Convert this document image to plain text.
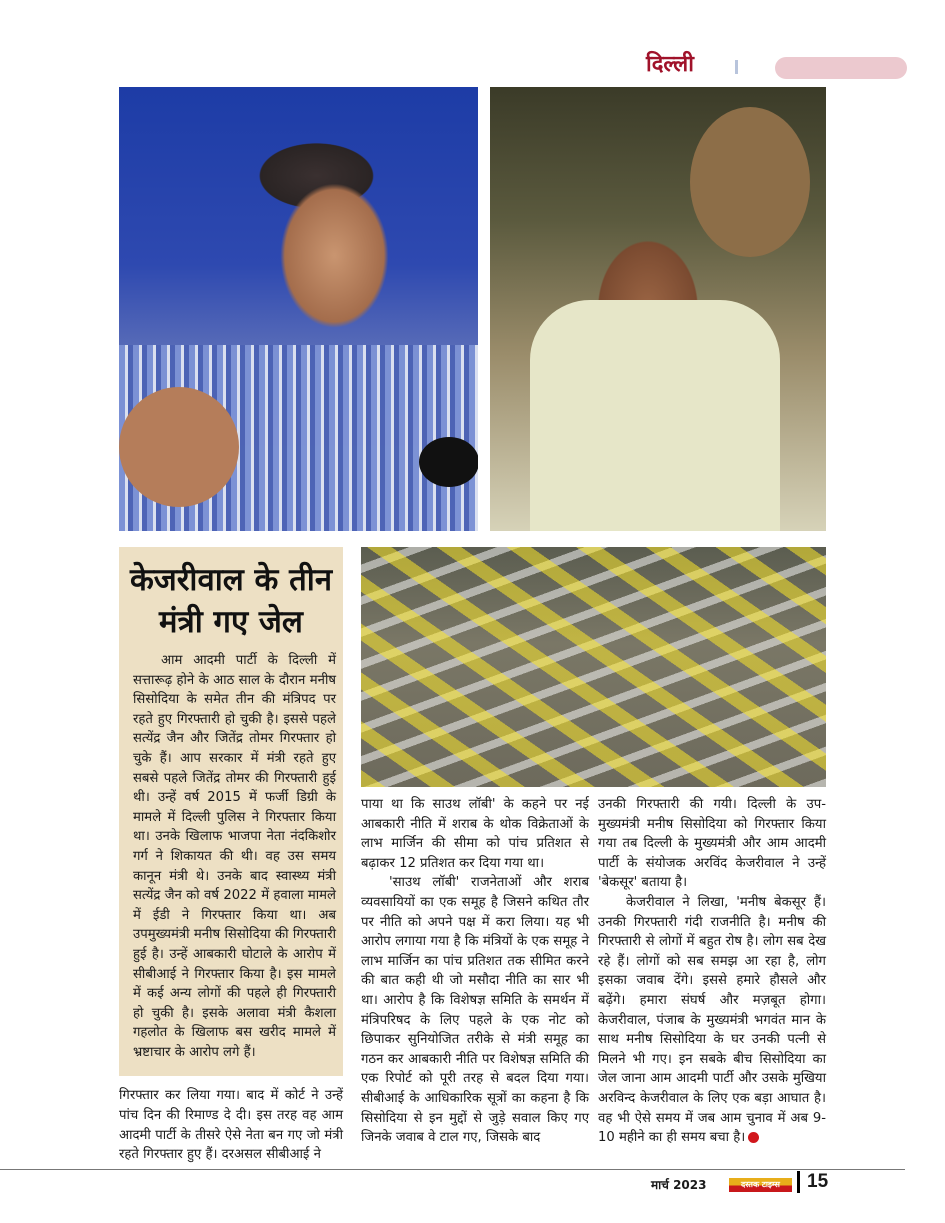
दिल्ली
केजरीवाल के तीन मंत्री गए जेल

आम आदमी पार्टी के दिल्ली में सत्तारूढ़ होने के आठ साल के दौरान मनीष सिसोदिया के समेत तीन की मंत्रिपद पर रहते हुए गिरफ्तारी हो चुकी है। इससे पहले सत्येंद्र जैन और जितेंद्र तोमर गिरफ्तार हो चुके हैं। आप सरकार में मंत्री रहते हुए सबसे पहले जितेंद्र तोमर की गिरफ्तारी हुई थी। उन्हें वर्ष 2015 में फर्जी डिग्री के मामले में दिल्ली पुलिस ने गिरफ्तार किया था। उनके खिलाफ भाजपा नेता नंदकिशोर गर्ग ने शिकायत की थी। वह उस समय कानून मंत्री थे। उनके बाद स्वास्थ्य मंत्री सत्येंद्र जैन को वर्ष 2022 में हवाला मामले में ईडी ने गिरफ्तार किया था। अब उपमुख्यमंत्री मनीष सिसोदिया की गिरफ्तारी हुई है। उन्हें आबकारी घोटाले के आरोप में सीबीआई ने गिरफ्तार किया है। इस मामले में कई अन्य लोगों की पहले ही गिरफ्तारी हो चुकी है। इसके अलावा मंत्री कैशला गहलोत के खिलाफ बस खरीद मामले में भ्रष्टाचार के आरोप लगे हैं।

गिरफ्तार कर लिया गया। बाद में कोर्ट ने उन्हें पांच दिन की रिमाण्ड दे दी। इस तरह वह आम आदमी पार्टी के तीसरे ऐसे नेता बन गए जो मंत्री रहते गिरफ्तार हुए हैं। दरअसल सीबीआई ने

पाया था कि साउथ लॉबी' के कहने पर नई आबकारी नीति में शराब के थोक विक्रेताओं के लाभ मार्जिन की सीमा को पांच प्रतिशत से बढ़ाकर 12 प्रतिशत कर दिया गया था।

'साउथ लॉबी' राजनेताओं और शराब व्यवसायियों का एक समूह है जिसने कथित तौर पर नीति को अपने पक्ष में करा लिया। यह भी आरोप लगाया गया है कि मंत्रियों के एक समूह ने लाभ मार्जिन का पांच प्रतिशत तक सीमित करने की बात कही थी जो मसौदा नीति का सार भी था। आरोप है कि विशेषज्ञ समिति के समर्थन में मंत्रिपरिषद के लिए पहले के एक नोट को छिपाकर सुनियोजित तरीके से मंत्री समूह का गठन कर आबकारी नीति पर विशेषज्ञ समिति की एक रिपोर्ट को पूरी तरह से बदल दिया गया। सीबीआई के आधिकारिक सूत्रों का कहना है कि सिसोदिया से इन मुद्दों से जुड़े सवाल किए गए जिनके जवाब वे टाल गए, जिसके बाद

उनकी गिरफ्तारी की गयी। दिल्ली के उप-मुख्यमंत्री मनीष सिसोदिया को गिरफ्तार किया गया तब दिल्ली के मुख्यमंत्री और आम आदमी पार्टी के संयोजक अरविंद केजरीवाल ने उन्हें 'बेकसूर' बताया है।

केजरीवाल ने लिखा, 'मनीष बेकसूर हैं। उनकी गिरफ्तारी गंदी राजनीति है। मनीष की गिरफ्तारी से लोगों में बहुत रोष है। लोग सब देख रहे हैं। लोगों को सब समझ आ रहा है, लोग इसका जवाब देंगे। इससे हमारे हौसले और बढ़ेंगे। हमारा संघर्ष और मज़बूत होगा। केजरीवाल, पंजाब के मुख्यमंत्री भगवंत मान के साथ मनीष सिसोदिया के घर उनकी पत्नी से मिलने भी गए। इन सबके बीच सिसोदिया का जेल जाना आम आदमी पार्टी और उसके मुखिया अरविन्द केजरीवाल के लिए एक बड़ा आघात है। वह भी ऐसे समय में जब आम चुनाव में अब 9-10 महीने का ही समय बचा है।

मार्च 2023	दस्तक टाइम्स	15
